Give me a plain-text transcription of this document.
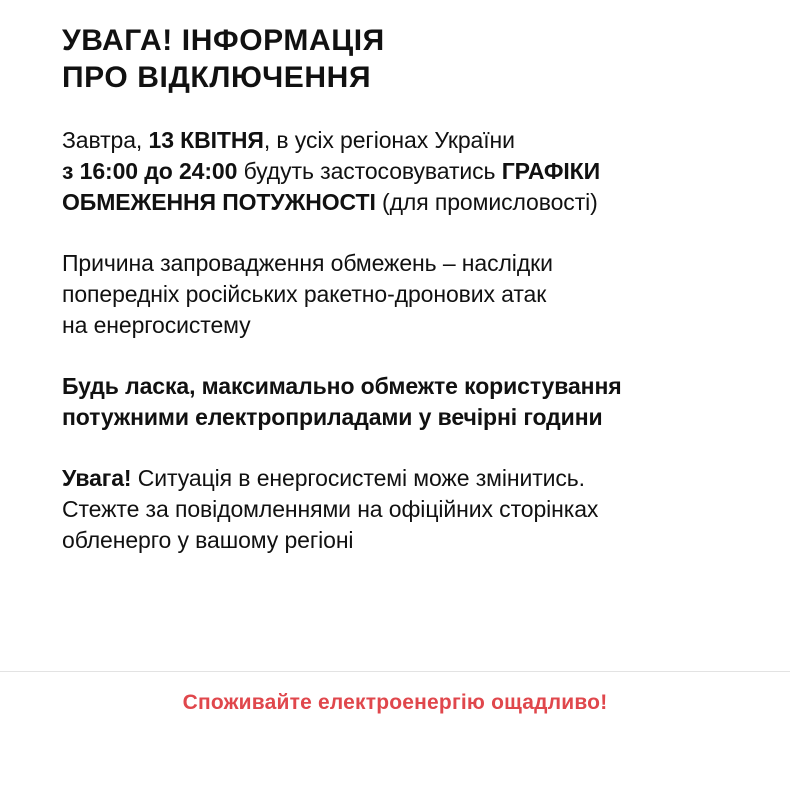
УВАГА! ІНФОРМАЦІЯ
ПРО ВІДКЛЮЧЕННЯ

Завтра, 13 КВІТНЯ, в усіх регіонах України
з 16:00 до 24:00 будуть застосовуватись ГРАФІКИ
ОБМЕЖЕННЯ ПОТУЖНОСТІ (для промисловості)

Причина запровадження обмежень – наслідки
попередніх російських ракетно-дронових атак
на енергосистему

Будь ласка, максимально обмежте користування
потужними електроприладами у вечірні години

Увага! Ситуація в енергосистемі може змінитись.
Стежте за повідомленнями на офіційних сторінках
обленерго у вашому регіоні

Споживайте електроенергію ощадливо!
